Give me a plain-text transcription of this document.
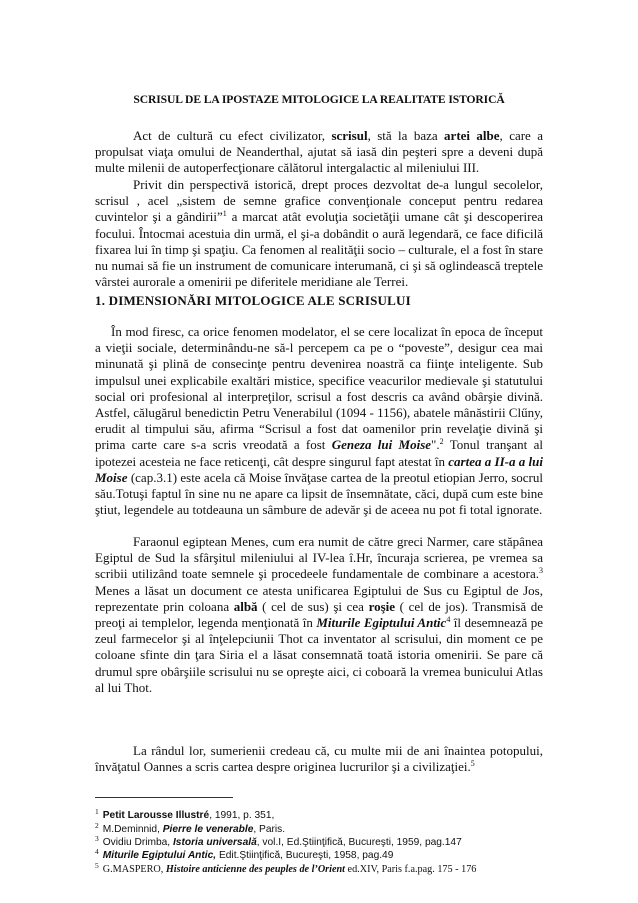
SCRISUL DE LA IPOSTAZE MITOLOGICE LA REALITATE ISTORICĂ

Act de cultură cu efect civilizator, scrisul, stă la baza artei albe, care a propulsat viaţa omului de Neanderthal, ajutat să iasă din peşteri spre a deveni după multe milenii de autoperfecţionare călătorul intergalactic al mileniului III.

Privit din perspectivă istorică, drept proces dezvoltat de-a lungul secolelor, scrisul , acel „sistem de semne grafice convenţionale conceput pentru redarea cuvintelor şi a gândirii”$^1$ a marcat atât evoluţia societăţii umane cât şi descoperirea focului. Întocmai acestuia din urmă, el şi-a dobândit o aură legendară, ce face dificilă fixarea lui în timp şi spaţiu. Ca fenomen al realităţii socio – culturale, el a fost în stare nu numai să fie un instrument de comunicare interumană, ci şi să oglindească treptele vârstei aurorale a omenirii pe diferitele meridiane ale Terrei.

1. DIMENSIONĂRI MITOLOGICE ALE SCRISULUI

În mod firesc, ca orice fenomen modelator, el se cere localizat în epoca de început a vieţii sociale, determinându-ne să-l percepem ca pe o “poveste”, desigur cea mai minunată şi plină de consecinţe pentru devenirea noastră ca fiinţe inteligente. Sub impulsul unei explicabile exaltări mistice, specifice veacurilor medievale şi statutului social ori profesional al interpreţilor, scrisul a fost descris ca având obârşie divină. Astfel, călugărul benedictin Petru Venerabilul (1094 - 1156), abatele mânăstirii Clűny, erudit al timpului său, afirma “Scrisul a fost dat oamenilor prin revelaţie divină şi prima carte care s-a scris vreodată a fost Geneza lui Moise".$^2$ Tonul tranşant al ipotezei acesteia ne face reticenţi, cât despre singurul fapt atestat în cartea a II-a a lui Moise (cap.3.1) este acela că Moise învăţase cartea de la preotul etiopian Jerro, socrul său.Totuşi faptul în sine nu ne apare ca lipsit de însemnătate, căci, după cum este bine ştiut, legendele au totdeauna un sâmbure de adevăr şi de aceea nu pot fi total ignorate.

Faraonul egiptean Menes, cum era numit de către greci Narmer, care stăpânea Egiptul de Sud la sfârşitul mileniului al IV-lea î.Hr, încuraja scrierea, pe vremea sa scribii utilizând toate semnele şi procedeele fundamentale de combinare a acestora.$^3$ Menes a lăsat un document ce atesta unificarea Egiptului de Sus cu Egiptul de Jos, reprezentate prin coloana albă ( cel de sus) şi cea roşie ( cel de jos). Transmisă de preoţi ai templelor, legenda menţionată în Miturile Egiptului Antic$^4$ îl desemnează pe zeul farmecelor şi al înţelepciunii Thot ca inventator al scrisului, din moment ce pe coloane sfinte din ţara Siria el a lăsat consemnată toată istoria omenirii. Se pare că drumul spre obârşiile scrisului nu se opreşte aici, ci coboară la vremea bunicului Atlas al lui Thot.

La rândul lor, sumerienii credeau că, cu multe mii de ani înaintea potopului, învăţatul Oannes a scris cartea despre originea lucrurilor şi a civilizaţiei.$^5$

$^1$ Petit Larousse Illustré, 1991, p. 351,
$^2$ M.Deminnid, Pierre le venerable, Paris.
$^3$ Ovidiu Drimba, Istoria universală, vol.I, Ed.Ştiinţifică, Bucureşti, 1959, pag.147
$^4$ Miturile Egiptului Antic, Edit.Ştiinţifică, Bucureşti, 1958, pag.49
$^5$ G.MASPERO, Histoire anticienne des peuples de l’Orient ed.XIV, Paris f.a.pag. 175 - 176
